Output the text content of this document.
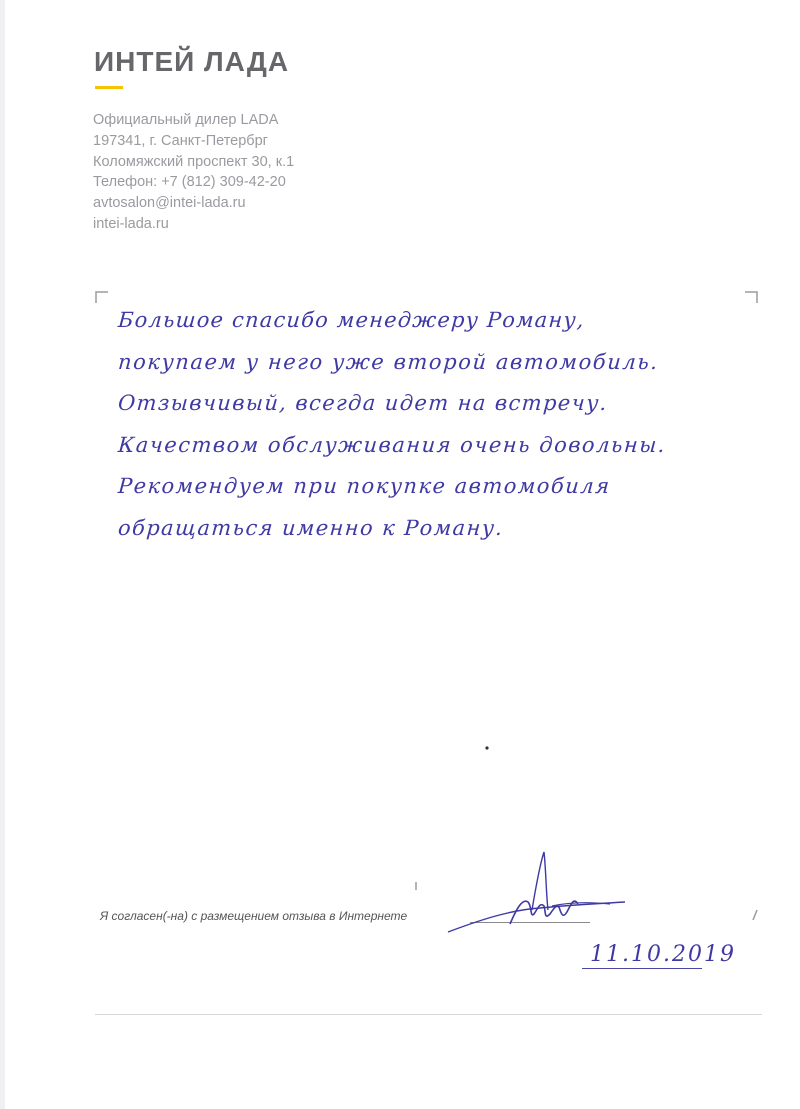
ИНТЕЙ ЛАДА
Официальный дилер LADA
197341, г. Санкт-Петербрг
Коломяжский проспект 30, к.1
Телефон: +7 (812) 309-42-20
avtosalon@intei-lada.ru
intei-lada.ru
Большое спасибо менеджеру Роману,
покупаем у него уже второй автомобиль.
Отзывчивый, всегда идет на встречу.
Качеством обслуживания очень довольны.
Рекомендуем при покупке автомобиля
обращаться именно к Роману.
Я согласен(-на) с размещением отзыва в Интернете
11.10.2019
